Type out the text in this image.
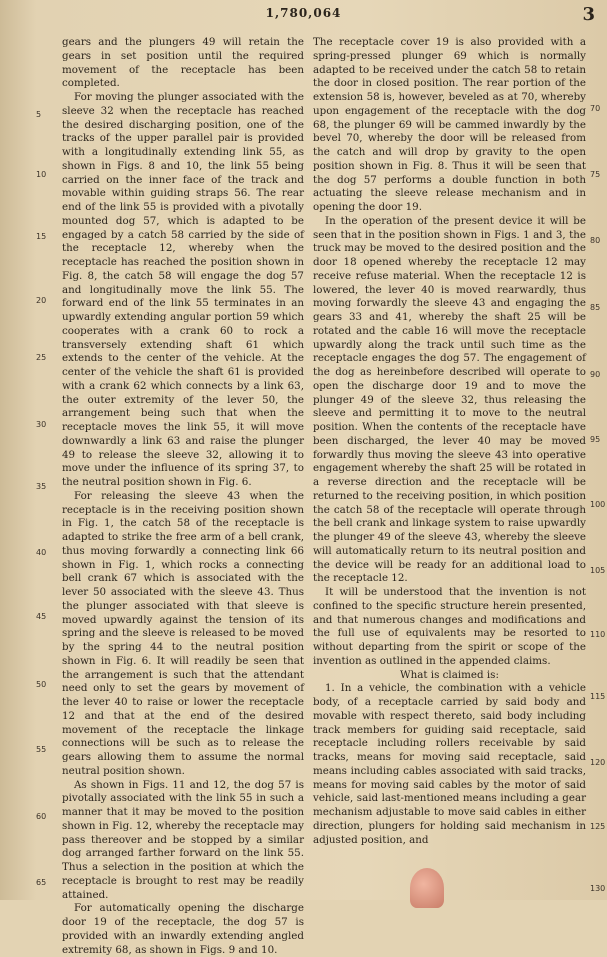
1,780,064	3

gears and the plungers 49 will retain the gears in set position until the required movement of the receptacle has been completed.

For moving the plunger associated with the sleeve 32 when the receptacle has reached the desired discharging position, one of the tracks of the upper parallel pair is provided with a longitudinally extending link 55, as shown in Figs. 8 and 10, the link 55 being carried on the inner face of the track and movable within guiding straps 56. The rear end of the link 55 is provided with a pivotally mounted dog 57, which is adapted to be engaged by a catch 58 carried by the side of the receptacle 12, whereby when the receptacle has reached the position shown in Fig. 8, the catch 58 will engage the dog 57 and longitudinally move the link 55. The forward end of the link 55 terminates in an upwardly extending angular portion 59 which cooperates with a crank 60 to rock a transversely extending shaft 61 which extends to the center of the vehicle. At the center of the vehicle the shaft 61 is provided with a crank 62 which connects by a link 63, the outer extremity of the lever 50, the arrangement being such that when the receptacle moves the link 55, it will move downwardly a link 63 and raise the plunger 49 to release the sleeve 32, allowing it to move under the influence of its spring 37, to the neutral position shown in Fig. 6.

For releasing the sleeve 43 when the receptacle is in the receiving position shown in Fig. 1, the catch 58 of the receptacle is adapted to strike the free arm of a bell crank, thus moving forwardly a connecting link 66 shown in Fig. 1, which rocks a connecting bell crank 67 which is associated with the lever 50 associated with the sleeve 43. Thus the plunger associated with that sleeve is moved upwardly against the tension of its spring and the sleeve is released to be moved by the spring 44 to the neutral position shown in Fig. 6. It will readily be seen that the arrangement is such that the attendant need only to set the gears by movement of the lever 40 to raise or lower the receptacle 12 and that at the end of the desired movement of the receptacle the linkage connections will be such as to release the gears allowing them to assume the normal neutral position shown.

As shown in Figs. 11 and 12, the dog 57 is pivotally associated with the link 55 in such a manner that it may be moved to the position shown in Fig. 12, whereby the receptacle may pass thereover and be stopped by a similar dog arranged farther forward on the link 55. Thus a selection in the position at which the receptacle is brought to rest may be readily attained.

For automatically opening the discharge door 19 of the receptacle, the dog 57 is provided with an inwardly extending angled extremity 68, as shown in Figs. 9 and 10.

The receptacle cover 19 is also provided with a spring-pressed plunger 69 which is normally adapted to be received under the catch 58 to retain the door in closed position. The rear portion of the extension 58 is, however, beveled as at 70, whereby upon engagement of the receptacle with the dog 68, the plunger 69 will be cammed inwardly by the bevel 70, whereby the door will be released from the catch and will drop by gravity to the open position shown in Fig. 8. Thus it will be seen that the dog 57 performs a double function in both actuating the sleeve release mechanism and in opening the door 19.

In the operation of the present device it will be seen that in the position shown in Figs. 1 and 3, the truck may be moved to the desired position and the door 18 opened whereby the receptacle 12 may receive refuse material. When the receptacle 12 is lowered, the lever 40 is moved rearwardly, thus moving forwardly the sleeve 43 and engaging the gears 33 and 41, whereby the shaft 25 will be rotated and the cable 16 will move the receptacle upwardly along the track until such time as the receptacle engages the dog 57. The engagement of the dog as hereinbefore described will operate to open the discharge door 19 and to move the plunger 49 of the sleeve 32, thus releasing the sleeve and permitting it to move to the neutral position. When the contents of the receptacle have been discharged, the lever 40 may be moved forwardly thus moving the sleeve 43 into operative engagement whereby the shaft 25 will be rotated in a reverse direction and the receptacle will be returned to the receiving position, in which position the catch 58 of the receptacle will operate through the bell crank and linkage system to raise upwardly the plunger 49 of the sleeve 43, whereby the sleeve will automatically return to its neutral position and the device will be ready for an additional load to the receptacle 12.

It will be understood that the invention is not confined to the specific structure herein presented, and that numerous changes and modifications and the full use of equivalents may be resorted to without departing from the spirit or scope of the invention as outlined in the appended claims.

What is claimed is:

1. In a vehicle, the combination with a vehicle body, of a receptacle carried by said body and movable with respect thereto, said body including track members for guiding said receptacle, said receptacle including rollers receivable by said tracks, means for moving said receptacle, said means including cables associated with said tracks, means for moving said cables by the motor of said vehicle, said last-mentioned means including a gear mechanism adjustable to move said cables in either direction, plungers for holding said mechanism in adjusted position, and

5
10
15
20
25
30
35
40
45
50
55
60
65
70
75
80
85
90
95
100
105
110
115
120
125
130
